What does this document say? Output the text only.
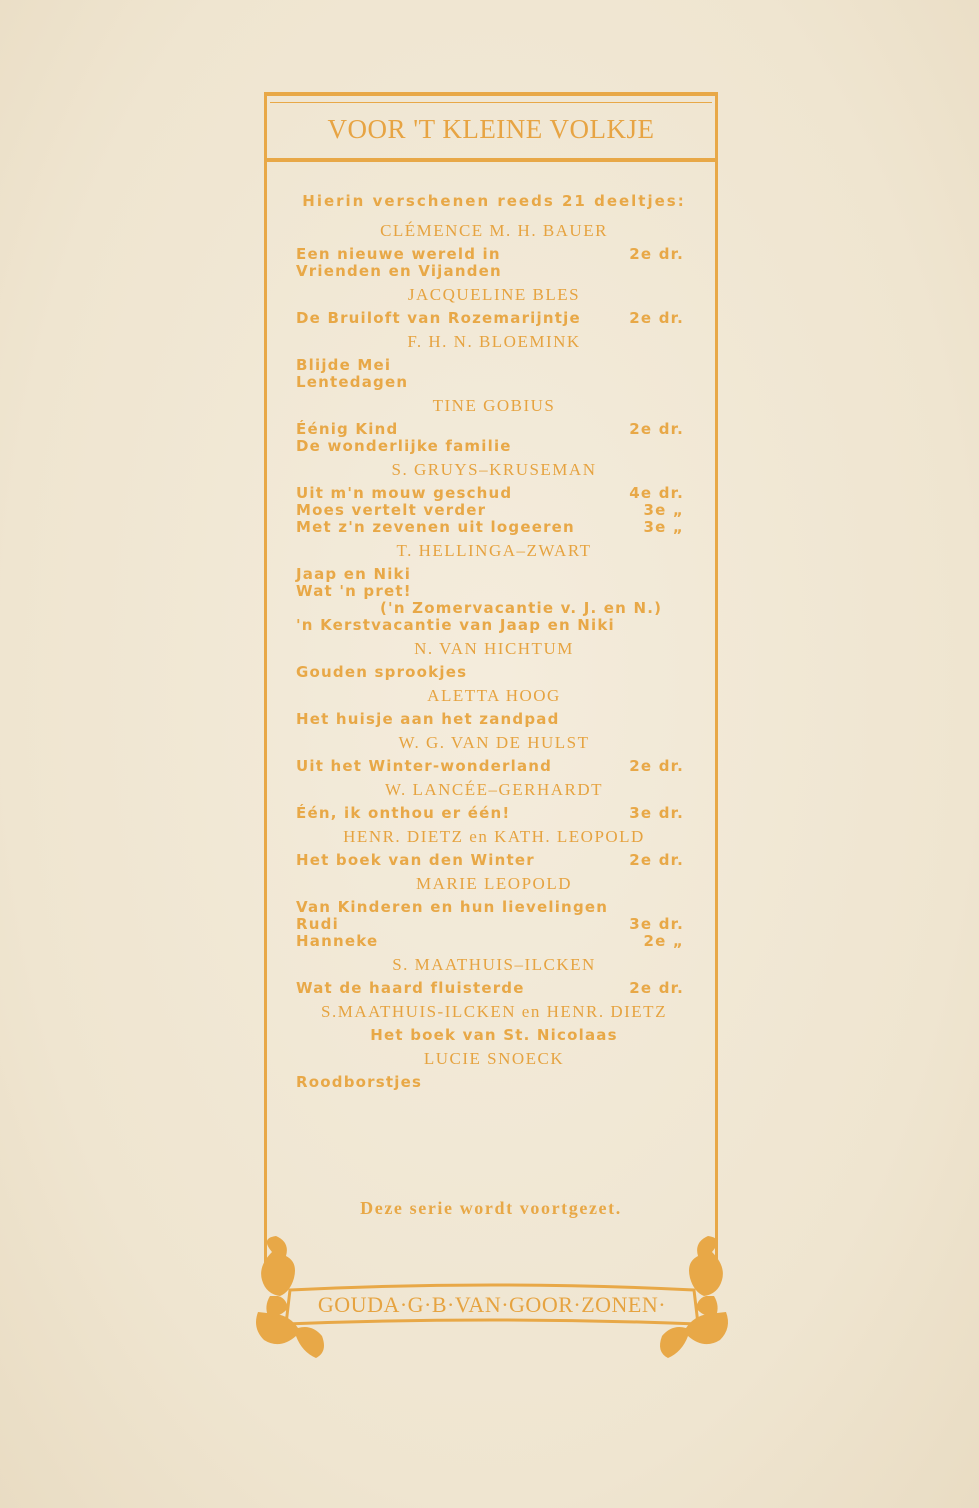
VOOR 'T KLEINE VOLKJE
Hierin verschenen reeds 21 deeltjes:
CLÉMENCE M. H. BAUER
Een nieuwe wereld in	2e dr.
Vrienden en Vijanden
JACQUELINE BLES
De Bruiloft van Rozemarijntje	2e dr.
F. H. N. BLOEMINK
Blijde Mei
Lentedagen
TINE GOBIUS
Éénig Kind	2e dr.
De wonderlijke familie
S. GRUYS–KRUSEMAN
Uit m'n mouw geschud	4e dr.
Moes vertelt verder	3e „
Met z'n zevenen uit logeeren	3e „
T. HELLINGA–ZWART
Jaap en Niki
Wat 'n pret!
('n Zomervacantie v. J. en N.)
'n Kerstvacantie van Jaap en Niki
N. VAN HICHTUM
Gouden sprookjes
ALETTA HOOG
Het huisje aan het zandpad
W. G. VAN DE HULST
Uit het Winter-wonderland	2e dr.
W. LANCÉE–GERHARDT
Één, ik onthou er één!	3e dr.
HENR. DIETZ en KATH. LEOPOLD
Het boek van den Winter	2e dr.
MARIE LEOPOLD
Van Kinderen en hun lievelingen
Rudi	3e dr.
Hanneke	2e „
S. MAATHUIS–ILCKEN
Wat de haard fluisterde	2e dr.
S.MAATHUIS-ILCKEN en HENR. DIETZ
Het boek van St. Nicolaas
LUCIE SNOECK
Roodborstjes
Deze serie wordt voortgezet.
GOUDA·G·B·VAN·GOOR·ZONEN·
